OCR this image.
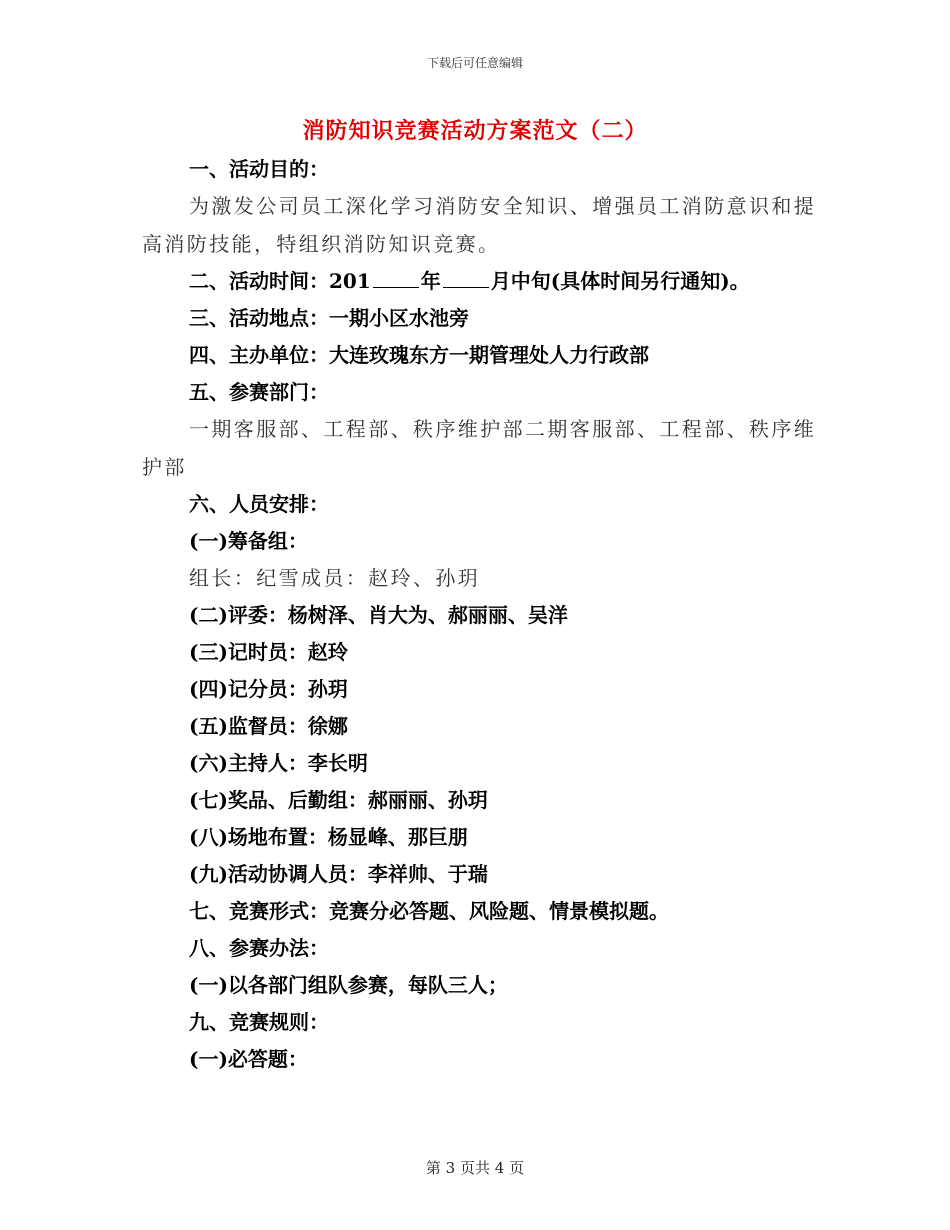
下载后可任意编辑
消防知识竞赛活动方案范文（二）
一、活动目的：
为激发公司员工深化学习消防安全知识、增强员工消防意识和提
高消防技能，特组织消防知识竞赛。
二、活动时间：201	年	月中旬(具体时间另行通知)。
三、活动地点：一期小区水池旁
四、主办单位：大连玫瑰东方一期管理处人力行政部
五、参赛部门：
一期客服部、工程部、秩序维护部二期客服部、工程部、秩序维
护部
六、人员安排：
(一)筹备组：
组长：纪雪成员：赵玲、孙玥
(二)评委：杨树泽、肖大为、郝丽丽、吴洋
(三)记时员：赵玲
(四)记分员：孙玥
(五)监督员：徐娜
(六)主持人：李长明
(七)奖品、后勤组：郝丽丽、孙玥
(八)场地布置：杨显峰、那巨朋
(九)活动协调人员：李祥帅、于瑞
七、竞赛形式：竞赛分必答题、风险题、情景模拟题。
八、参赛办法：
(一)以各部门组队参赛，每队三人；
九、竞赛规则：
(一)必答题：
第 3 页共 4 页
